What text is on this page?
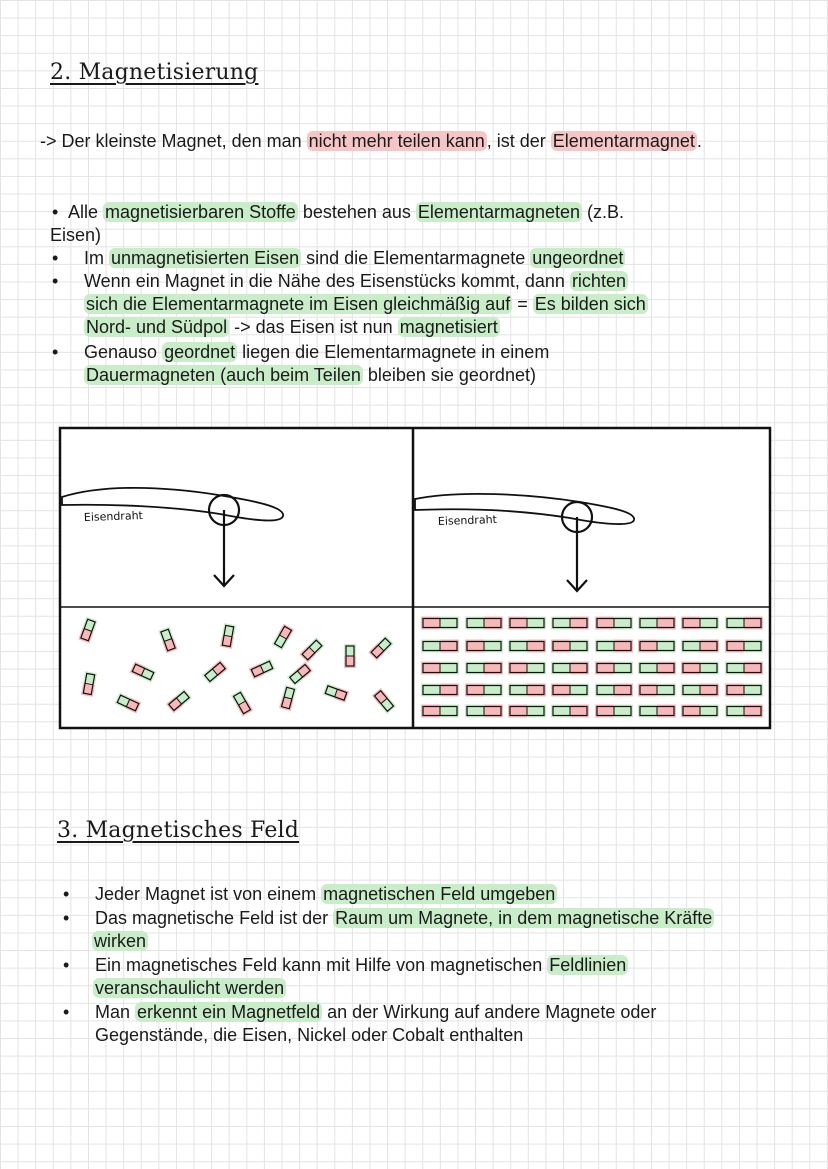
2. Magnetisierung

-> Der kleinste Magnet, den man nicht mehr teilen kann , ist der Elementarmagnet .

• Alle magnetisierbaren Stoffe bestehen aus Elementarmagneten (z.B.

Eisen)

• Im unmagnetisierten Eisen sind die Elementarmagnete ungeordnet

• Wenn ein Magnet in die Nähe des Eisenstücks kommt, dann richten

sich die Elementarmagnete im Eisen gleichmäßig auf = Es bilden sich

Nord- und Südpol -> das Eisen ist nun magnetisiert

• Genauso geordnet liegen die Elementarmagnete in einem

Dauermagneten (auch beim Teilen bleiben sie geordnet)

Eisendraht	Eisendraht
3. Magnetisches Feld
• Jeder Magnet ist von einem magnetischen Feld umgeben

• Das magnetische Feld ist der Raum um Magnete, in dem magnetische Kräfte

wirken

• Ein magnetisches Feld kann mit Hilfe von magnetischen Feldlinien

veranschaulicht werden

• Man erkennt ein Magnetfeld an der Wirkung auf andere Magnete oder

Gegenstände, die Eisen, Nickel oder Cobalt enthalten
